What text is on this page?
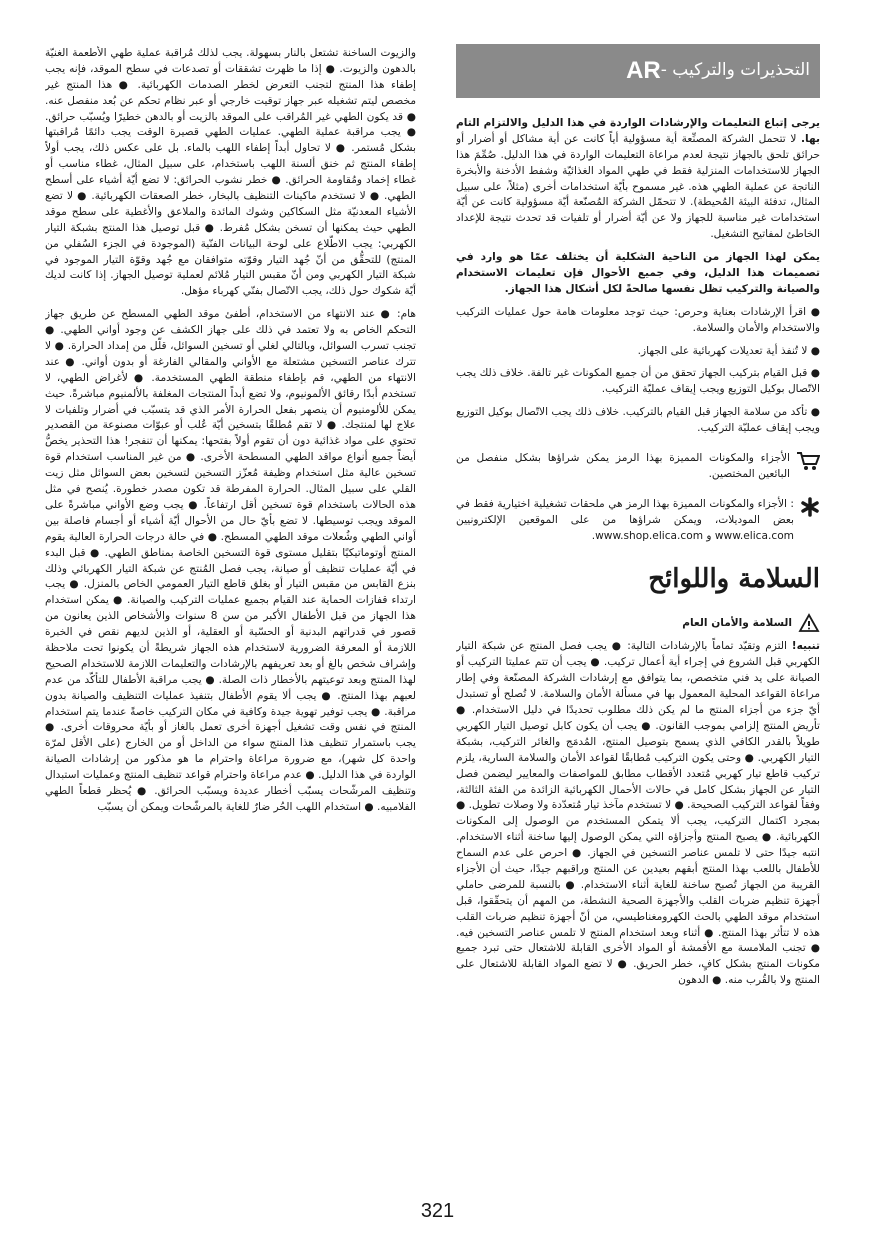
التحذيرات والتركيب -
AR

يرجى إتباع التعليمات والإرشادات الواردة في هذا الدليل والالتزام التام بها. لا تتحمل الشركة المصنِّعة أية مسؤولية أياً كانت عن أية مشاكل أو أضرار أو حرائق تلحق بالجهاز نتيجة لعدم مراعاة التعليمات الواردة في هذا الدليل. صُمِّمَ هذا الجهاز للاستخدامات المنزلية فقط في طهي المواد الغذائيّة وشفط الأدخنة والأبخرة الناتجة عن عملية الطهي هذه. غير مسموح بأيّة استخدامات أخرى (مثلاً، على سبيل المثال، تدفئة البيئة المُحيطة). لا تتحمّل الشركة المُصنّعة أيّة مسؤولية كانت عن أيّة استخدامات غير مناسبة للجهاز ولا عن أيّة أضرار أو تلفيات قد تحدث نتيجة للإعداد الخاطئ لمفاتيح التشغيل.

يمكن لهذا الجهاز من الناحية الشكلية أن يختلف عمّا هو وارد في تصميمات هذا الدليل، وفي جميع الأحوال فإن تعليمات الاستخدام والصيانة والتركيب تظل نفسها صالحةً لكل أشكال هذا الجهاز.

● اقرأ الإرشادات بعناية وحرص: حيث توجد معلومات هامة حول عمليات التركيب والاستخدام والأمان والسلامة.

● لا تُنفذ أية تعديلات كهربائية على الجهاز.

● قبل القيام بتركيب الجهاز تحقق من أن جميع المكونات غير تالفة. خلاف ذلك يجب الاتّصال بوكيل التوزيع ويجب إيقاف عمليّة التركيب.

● تأكد من سلامة الجهاز قبل القيام بالتركيب. خلاف ذلك يجب الاتّصال بوكيل التوزيع ويجب إيقاف عمليّة التركيب.

الأجزاء والمكونات المميزة بهذا الرمز يمكن شراؤها بشكل منفصل من البائعين المختصين.
: الأجزاء والمكونات المميزة بهذا الرمز هي ملحقات تشغيلية اختيارية فقط في بعض الموديلات، ويمكن شراؤها من على الموقعين الإلكترونيين www.elica.com و www.shop.elica.com.
السلامة واللوائح
السلامة والأمان العام

تنبيه! التزم وتقيّد تماماً بالإرشادات التالية: ● يجب فصل المنتج عن شبكة التيار الكهربي قبل الشروع في إجراء أية أعمال تركيب. ● يجب أن تتم عمليتا التركيب أو الصيانة على يد فني متخصص، بما يتوافق مع إرشادات الشركة المصنّعة وفي إطار مراعاة القواعد المحلية المعمول بها في مسألة الأمان والسلامة. لا تُصلح أو تستبدل أيّ جزء من أجزاء المنتج ما لم يكن ذلك مطلوب تحديدًا في دليل الاستخدام. ● تأريض المنتج إلزامي بموجب القانون. ● يجب أن يكون كابل توصيل التيار الكهربي طويلاً بالقدر الكافي الذي يسمح بتوصيل المنتج، المُدمَج والغائر التركيب، بشبكة التيار الكهربي. ● وحتى يكون التركيب مُطابقًا لقواعد الأمان والسلامة السارية، يلزم تركيب قاطع تيار كهربي مُتعدد الأقطاب مطابق للمواصفات والمعايير ليضمن فصل التيار عن الجهاز بشكل كامل في حالات الأحمال الكهربائية الزائدة من الفئة الثالثة، وفقاً لقواعد التركيب الصحيحة. ● لا تستخدم مآخذ تيار مُتعدّدة ولا وصلات تطويل. ● بمجرد اكتمال التركيب، يجب ألا يتمكن المستخدم من الوصول إلى المكونات الكهربائية. ● يصبح المنتج وأجزاؤه التي يمكن الوصول إليها ساخنة أثناء الاستخدام. انتبه جيدًا حتى لا تلمس عناصر التسخين في الجهاز. ● احرص على عدم السماح للأطفال باللعب بهذا المنتج أبقهم بعيدين عن المنتج وراقبهم جيدًا، حيث أن الأجزاء القريبة من الجهاز تُصبح ساخنة للغاية أثناء الاستخدام. ● بالنسبة للمرضى حاملي أجهزة تنظيم ضربات القلب والأجهزة الصحية النشطة، من المهم أن يتحقّقوا، قبل استخدام موقد الطهي بالحث الكهرومغناطيسي، من أنّ أجهزة تنظيم ضربات القلب هذه لا تتأثر بهذا المنتج. ● أثناء وبعد استخدام المنتج لا تلمس عناصر التسخين فيه. ● تجنب الملامسة مع الأقمشة أو المواد الأخرى القابلة للاشتعال حتى تبرد جميع مكونات المنتج بشكل كافٍ، خطر الحريق. ● لا تضع المواد القابلة للاشتعال على المنتج ولا بالقُرب منه. ● الدهون

والزيوت الساخنة تشتعل بالنار بسهولة. يجب لذلك مُراقبة عملية طهي الأطعمة الغنيّة بالدهون والزيوت. ● إذا ما ظهرت تشققات أو تصدعات في سطح الموقد، فإنه يجب إطفاء هذا المنتج لتجنب التعرض لخطر الصدمات الكهربائية. ● هذا المنتج غير مخصص ليتم تشغيله عبر جهاز توقيت خارجي أو عبر نظام تحكم عن بُعد منفصل عنه. ● قد يكون الطهي غير المُراقب على الموقد بالزيت أو بالدهن خطيرًا ويُسبّب حرائق. ● يجب مراقبة عملية الطهي. عمليات الطهي قصيرة الوقت يجب دائمًا مُراقبتها بشكل مُستمر. ● لا تحاول أبداً إطفاء اللهب بالماء. بل على عكس ذلك، يجب أولاً إطفاء المنتج ثم خنق ألسنة اللهب باستخدام، على سبيل المثال، غطاء مناسب أو غطاء إخماد ومُقاومة الحرائق. ● خطر نشوب الحرائق: لا تضع أيّة أشياء على أسطح الطهي. ● لا تستخدم ماكينات التنظيف بالبخار، خطر الصعقات الكهربائية. ● لا تضع الأشياء المعدنيّة مثل السكاكين وشوك المائدة والملاعق والأغطية على سطح موقد الطهي حيث يمكنها أن تسخن بشكل مُفرط. ● قبل توصيل هذا المنتج بشبكة التيار الكهربي: يجب الاطّلاع على لوحة البيانات الفنّية (الموجودة في الجزء السُفلي من المنتج) للتحقُّق من أنّ جُهد التيار وقوّته متوافقان مع جُهد وقوّة التيار الموجود في شبكة التيار الكهربي ومن أنّ مقبس التيار مُلائم لعملية توصيل الجهاز. إذا كانت لديك أيّة شكوك حول ذلك، يجب الاتّصال بفنّي كهرباء مؤهل.

هام: ● عند الانتهاء من الاستخدام، أطفئ موقد الطهي المسطح عن طريق جهاز التحكم الخاص به ولا تعتمد في ذلك على جهاز الكشف عن وجود أواني الطهي. ● تجنب تسرب السوائل، وبالتالي لغلي أو تسخين السوائل، قلّل من إمداد الحرارة. ● لا تترك عناصر التسخين مشتعلة مع الأواني والمقالي الفارغة أو بدون أواني. ● عند الانتهاء من الطهي، قم بإطفاء منطقة الطهي المستخدمة. ● لأغراض الطهي، لا تستخدم أبدًا رقائق الألمونيوم، ولا تضع أبداً المنتجات المغلفة بالألمنيوم مباشرةً. حيث يمكن للألومنيوم أن ينصهر بفعل الحرارة الأمر الذي قد يتسبّب في أضرار وتلفيات لا علاج لها لمنتجك. ● لا تقم مُطلقًا بتسخين أيّة عُلب أو عبوّات مصنوعة من القصدير تحتوي على مواد غذائية دون أن تقوم أولاً بفتحها: يمكنها أن تنفجر! هذا التحذير يخصُّ أيضاً جميع أنواع مواقد الطهي المسطحة الأخرى. ● من غير المناسب استخدام قوة تسخين عالية مثل استخدام وظيفة مُعزّز التسخين لتسخين بعض السوائل مثل زيت القلي على سبيل المثال. الحرارة المفرطة قد تكون مصدر خطورة. يُنصح في مثل هذه الحالات باستخدام قوة تسخين أقل ارتفاعاً. ● يجب وضع الأواني مباشرةً على الموقد ويجب توسيطها. لا تضع بأيّ حال من الأحوال أيّة أشياء أو أجسام فاصلة بين أواني الطهي وشُعلات موقد الطهي المسطح. ● في حالة درجات الحرارة العالية يقوم المنتج أوتوماتيكيًا بتقليل مستوى قوة التسخين الخاصة بمناطق الطهي. ● قبل البدء في أيّة عمليات تنظيف أو صيانة، يجب فصل المُنتج عن شبكة التيار الكهربائي وذلك بنزع القابس من مقبس التيار أو بغلق قاطع التيار العمومي الخاص بالمنزل. ● يجب ارتداء قفازات الحماية عند القيام بجميع عمليات التركيب والصيانة. ● يمكن استخدام هذا الجهاز من قبل الأطفال الأكبر من سن 8 سنوات والأشخاص الذين يعانون من قصور في قدراتهم البدنية أو الحسّية أو العقلية، أو الذين لديهم نقص في الخبرة اللازمة أو المعرفة الضرورية لاستخدام هذه الجهاز شريطةً أن يكونوا تحت ملاحظة وإشراف شخص بالغ أو بعد تعريفهم بالإرشادات والتعليمات اللازمة للاستخدام الصحيح لهذا المنتج وبعد توعيتهم بالأخطار ذات الصلة. ● يجب مراقبة الأطفال للتأكّد من عدم لعبهم بهذا المنتج. ● يجب ألا يقوم الأطفال بتنفيذ عمليات التنظيف والصيانة بدون مراقبة. ● يجب توفير تهوية جيدة وكافية في مكان التركيب خاصةً عندما يتم استخدام المنتج في نفس وقت تشغيل أجهزة أخرى تعمل بالغاز أو بأيّة محروقات أخرى. ● يجب باستمرار تنظيف هذا المنتج سواء من الداخل أو من الخارج (على الأقل لمرّة واحدة كل شهر)، مع ضرورة مراعاة واحترام ما هو مذكور من إرشادات الصيانة الواردة في هذا الدليل. ● عدم مراعاة واحترام قواعد تنظيف المنتج وعمليات استبدال وتنظيف المرشّحات يسبّب أخطار عديدة ويسبّب الحرائق. ● يُحظر قطعاً الطهي الفلامبيه. ● استخدام اللهب الحُر ضارٌ للغاية بالمرشّحات ويمكن أن يسبّب

321
